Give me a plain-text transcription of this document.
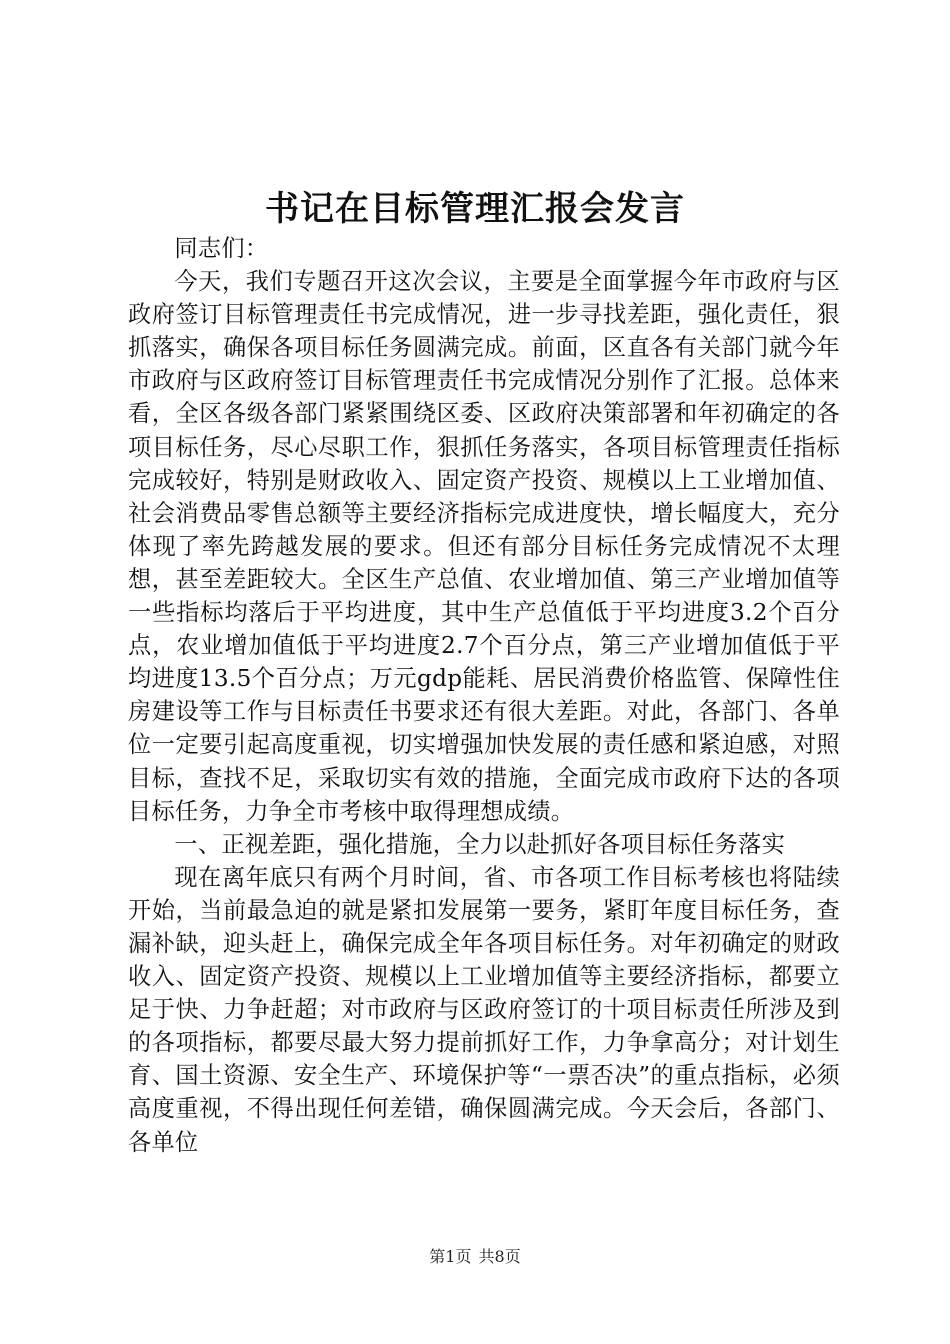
书记在目标管理汇报会发言

同志们：

今天，我们专题召开这次会议，主要是全面掌握今年市政府与区政府签订目标管理责任书完成情况，进一步寻找差距，强化责任，狠抓落实，确保各项目标任务圆满完成。前面，区直各有关部门就今年市政府与区政府签订目标管理责任书完成情况分别作了汇报。总体来看，全区各级各部门紧紧围绕区委、区政府决策部署和年初确定的各项目标任务，尽心尽职工作，狠抓任务落实，各项目标管理责任指标完成较好，特别是财政收入、固定资产投资、规模以上工业增加值、社会消费品零售总额等主要经济指标完成进度快，增长幅度大，充分体现了率先跨越发展的要求。但还有部分目标任务完成情况不太理想，甚至差距较大。全区生产总值、农业增加值、第三产业增加值等一些指标均落后于平均进度，其中生产总值低于平均进度3.2个百分点，农业增加值低于平均进度2.7个百分点，第三产业增加值低于平均进度13.5个百分点；万元gdp能耗、居民消费价格监管、保障性住房建设等工作与目标责任书要求还有很大差距。对此，各部门、各单位一定要引起高度重视，切实增强加快发展的责任感和紧迫感，对照目标，查找不足，采取切实有效的措施，全面完成市政府下达的各项目标任务，力争全市考核中取得理想成绩。

一、正视差距，强化措施，全力以赴抓好各项目标任务落实

现在离年底只有两个月时间，省、市各项工作目标考核也将陆续开始，当前最急迫的就是紧扣发展第一要务，紧盯年度目标任务，查漏补缺，迎头赶上，确保完成全年各项目标任务。对年初确定的财政收入、固定资产投资、规模以上工业增加值等主要经济指标，都要立足于快、力争赶超；对市政府与区政府签订的十项目标责任所涉及到的各项指标，都要尽最大努力提前抓好工作，力争拿高分；对计划生育、国土资源、安全生产、环境保护等“一票否决”的重点指标，必须高度重视，不得出现任何差错，确保圆满完成。今天会后，各部门、各单位

第1页 共8页
